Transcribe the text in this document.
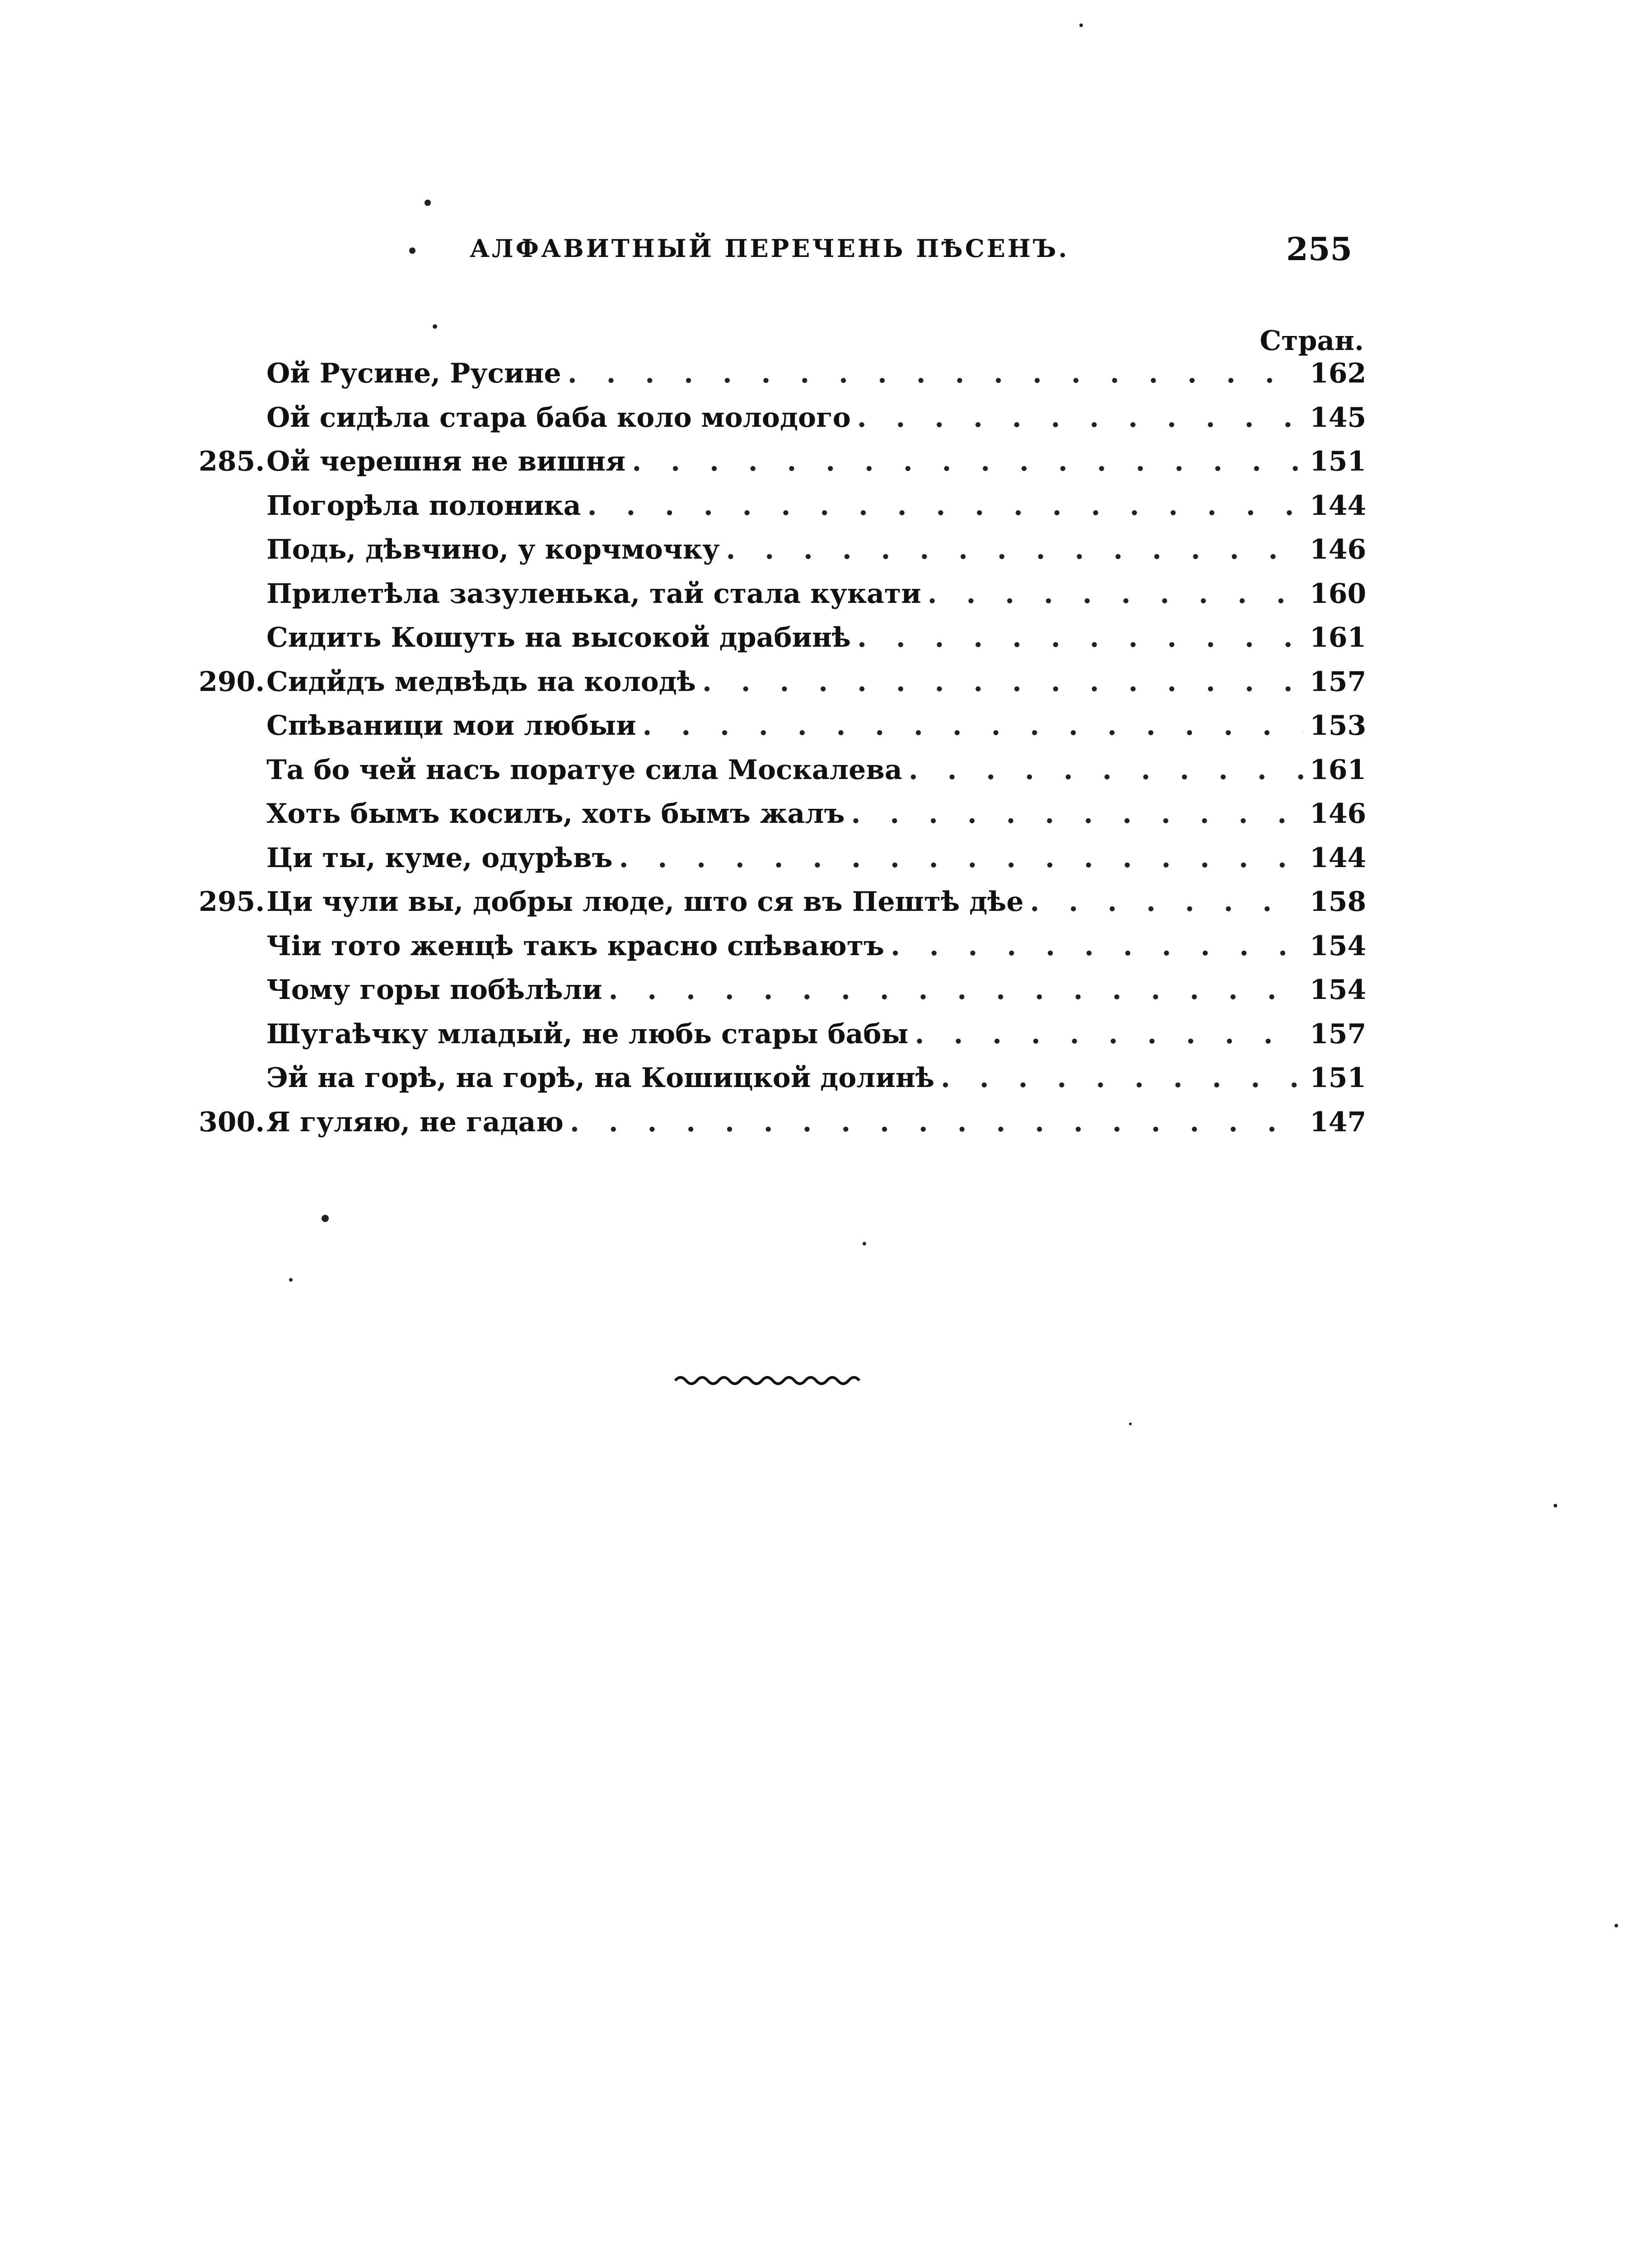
АЛФАВИТНЫЙ ПЕРЕЧЕНЬ ПѢСЕНЪ.	255
Стран.
Ой Русине, Русине . . .	162
Ой сидѣла стара баба коло молодого . . .	145
285. Ой черешня не вишня . . .	151
Погорѣла полоника . . .	144
Подь, дѣвчино, у корчмочку . . .	146
Прилетѣла зазуленька, тай стала кукати . . .	160
Сидить Кошуть на высокой драбинѣ . . .	161
290. Сидйдъ медвѣдь на колодѣ . . .	157
Спѣваници мои любыи . . .	153
Та бо чей насъ поратуе сила Москалева . . .	161
Хоть бымъ косилъ, хоть бымъ жалъ . . .	146
Ци ты, куме, одурѣвъ . . .	144
295. Ци чули вы, добры люде, што ся въ Пештѣ дѣе . . .	158
Чiи тото женцѣ такъ красно спѣваютъ . . .	154
Чому горы побѣлѣли . . .	154
Шугаѣчку младый, не любь стары бабы . . .	157
Эй на горѣ, на горѣ, на Кошицкой долинѣ . . .	151
300. Я гуляю, не гадаю . . .	147
